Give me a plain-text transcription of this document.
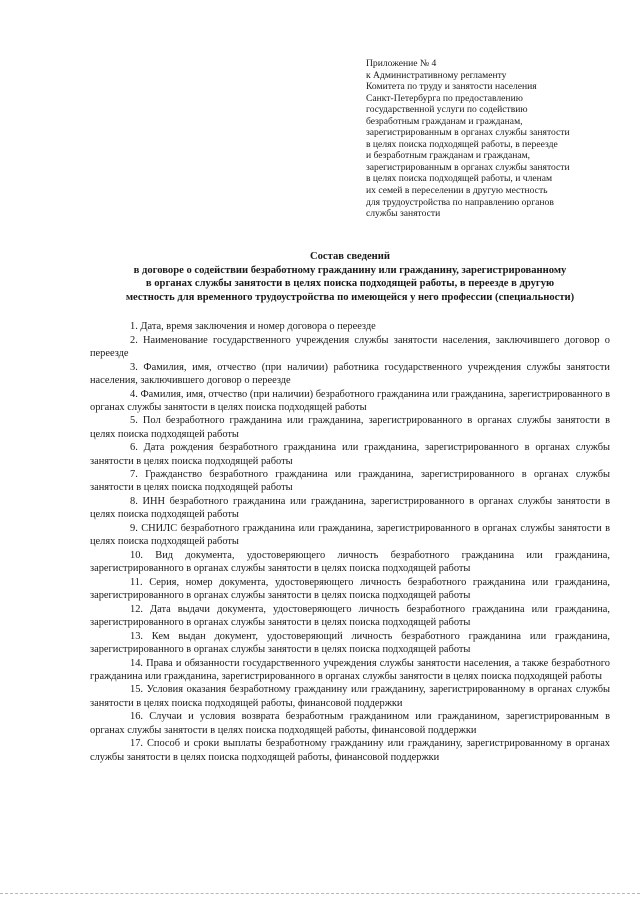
Приложение № 4
к Административному регламенту
Комитета по труду и занятости населения
Санкт-Петербурга по предоставлению
государственной услуги по содействию
безработным гражданам и гражданам,
зарегистрированным в органах службы занятости
в целях поиска подходящей работы, в переезде
и безработным гражданам и гражданам,
зарегистрированным в органах службы занятости
в целях поиска подходящей работы, и членам
их семей в переселении в другую местность
для трудоустройства по направлению органов
службы занятости
Состав сведений
в договоре о содействии безработному гражданину или гражданину, зарегистрированному
в органах службы занятости в целях поиска подходящей работы, в переезде в другую
местность для временного трудоустройства по имеющейся у него профессии (специальности)

1. Дата, время заключения и номер договора о переезде

2. Наименование государственного учреждения службы занятости населения, заключившего договор о переезде

3. Фамилия, имя, отчество (при наличии) работника государственного учреждения службы занятости населения, заключившего договор о переезде

4. Фамилия, имя, отчество (при наличии) безработного гражданина или гражданина, зарегистрированного в органах службы занятости в целях поиска подходящей работы

5. Пол безработного гражданина или гражданина, зарегистрированного в органах службы занятости в целях поиска подходящей работы

6. Дата рождения безработного гражданина или гражданина, зарегистрированного в органах службы занятости в целях поиска подходящей работы

7. Гражданство безработного гражданина или гражданина, зарегистрированного в органах службы занятости в целях поиска подходящей работы

8. ИНН безработного гражданина или гражданина, зарегистрированного в органах службы занятости в целях поиска подходящей работы

9. СНИЛС безработного гражданина или гражданина, зарегистрированного в органах службы занятости в целях поиска подходящей работы

10. Вид документа, удостоверяющего личность безработного гражданина или гражданина, зарегистрированного в органах службы занятости в целях поиска подходящей работы

11. Серия, номер документа, удостоверяющего личность безработного гражданина или гражданина, зарегистрированного в органах службы занятости в целях поиска подходящей работы

12. Дата выдачи документа, удостоверяющего личность безработного гражданина или гражданина, зарегистрированного в органах службы занятости в целях поиска подходящей работы

13. Кем выдан документ, удостоверяющий личность безработного гражданина или гражданина, зарегистрированного в органах службы занятости в целях поиска подходящей работы

14. Права и обязанности государственного учреждения службы занятости населения, а также безработного гражданина или гражданина, зарегистрированного в органах службы занятости в целях поиска подходящей работы

15. Условия оказания безработному гражданину или гражданину, зарегистрированному в органах службы занятости в целях поиска подходящей работы, финансовой поддержки

16. Случаи и условия возврата безработным гражданином или гражданином, зарегистрированным в органах службы занятости в целях поиска подходящей работы, финансовой поддержки

17. Способ и сроки выплаты безработному гражданину или гражданину, зарегистрированному в органах службы занятости в целях поиска подходящей работы, финансовой поддержки
